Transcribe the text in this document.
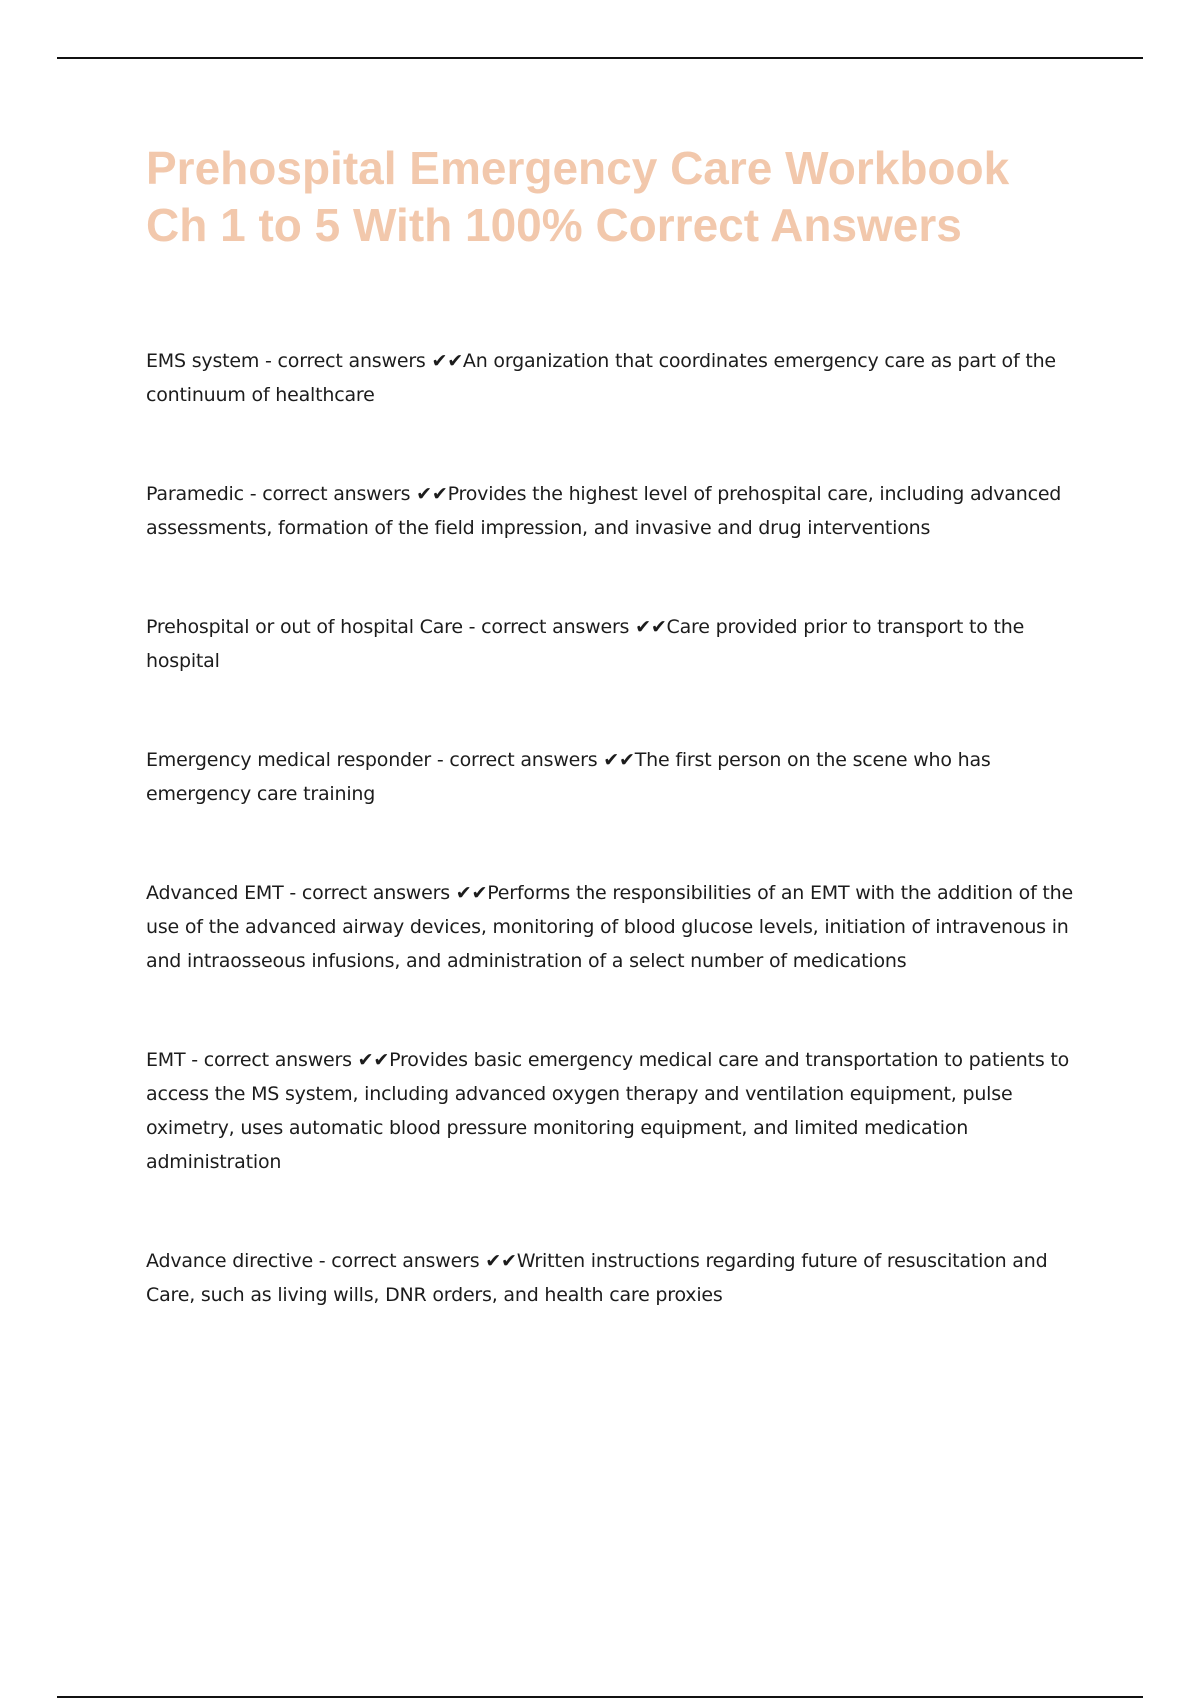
Prehospital Emergency Care Workbook
Ch 1 to 5 With 100% Correct Answers

EMS system - correct answers ✔✔An organization that coordinates emergency care as part of the continuum of healthcare

Paramedic - correct answers ✔✔Provides the highest level of prehospital care, including advanced assessments, formation of the field impression, and invasive and drug interventions

Prehospital or out of hospital Care - correct answers ✔✔Care provided prior to transport to the hospital

Emergency medical responder - correct answers ✔✔The first person on the scene who has emergency care training

Advanced EMT - correct answers ✔✔Performs the responsibilities of an EMT with the addition of the use of the advanced airway devices, monitoring of blood glucose levels, initiation of intravenous in and intraosseous infusions, and administration of a select number of medications

EMT - correct answers ✔✔Provides basic emergency medical care and transportation to patients to access the MS system, including advanced oxygen therapy and ventilation equipment, pulse oximetry, uses automatic blood pressure monitoring equipment, and limited medication administration

Advance directive - correct answers ✔✔Written instructions regarding future of resuscitation and Care, such as living wills, DNR orders, and health care proxies
